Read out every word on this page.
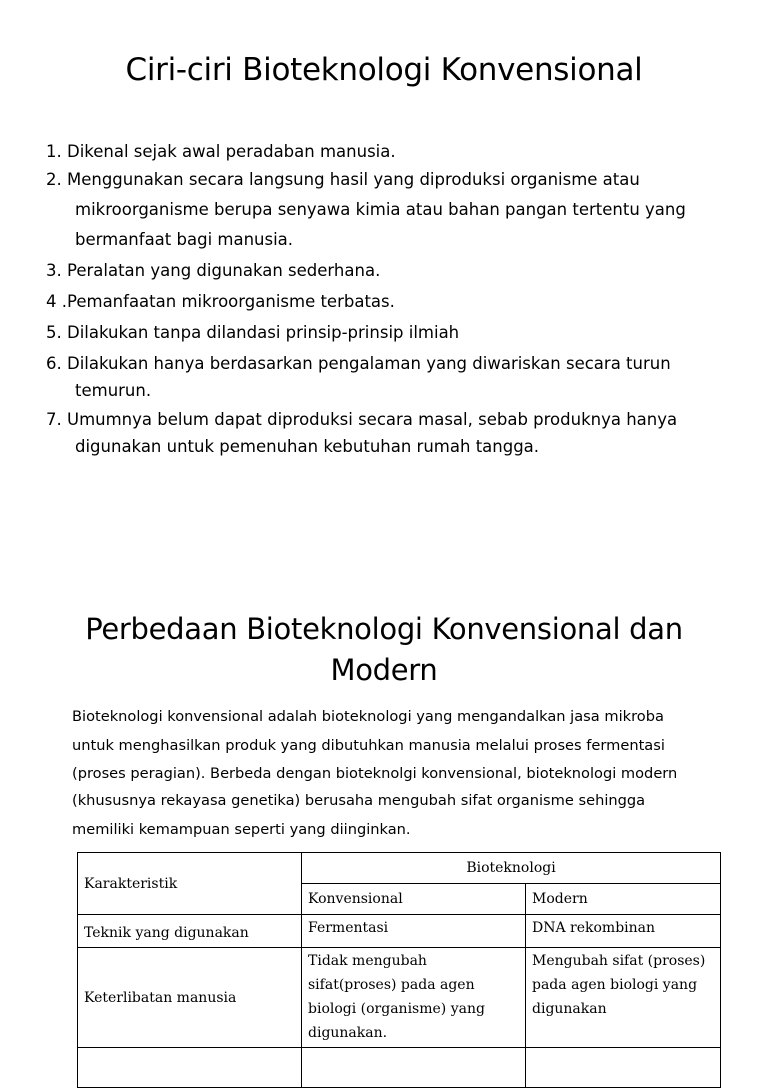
Ciri-ciri Bioteknologi Konvensional
1. Dikenal sejak awal peradaban manusia.
2. Menggunakan secara langsung hasil yang diproduksi organisme atau
mikroorganisme berupa senyawa kimia atau bahan pangan tertentu yang
bermanfaat bagi manusia.
3. Peralatan yang digunakan sederhana.
4 .Pemanfaatan mikroorganisme terbatas.
5. Dilakukan tanpa dilandasi prinsip-prinsip ilmiah
6. Dilakukan hanya berdasarkan pengalaman yang diwariskan secara turun
temurun.
7. Umumnya belum dapat diproduksi secara masal, sebab produknya hanya
digunakan untuk pemenuhan kebutuhan rumah tangga.
Perbedaan Bioteknologi Konvensional dan
Modern

Bioteknologi konvensional adalah bioteknologi yang mengandalkan jasa mikroba
untuk menghasilkan produk yang dibutuhkan manusia melalui proses fermentasi
(proses peragian). Berbeda dengan bioteknolgi konvensional, bioteknologi modern
(khususnya rekayasa genetika) berusaha mengubah sifat organisme sehingga
memiliki kemampuan seperti yang diinginkan.

Karakteristik	Bioteknologi	
	Konvensional	Modern
Teknik yang digunakan	Fermentasi	DNA rekombinan
Keterlibatan manusia	Tidak mengubah sifat(proses) pada agen biologi (organisme) yang digunakan.	Mengubah sifat (proses) pada agen biologi yang digunakan
